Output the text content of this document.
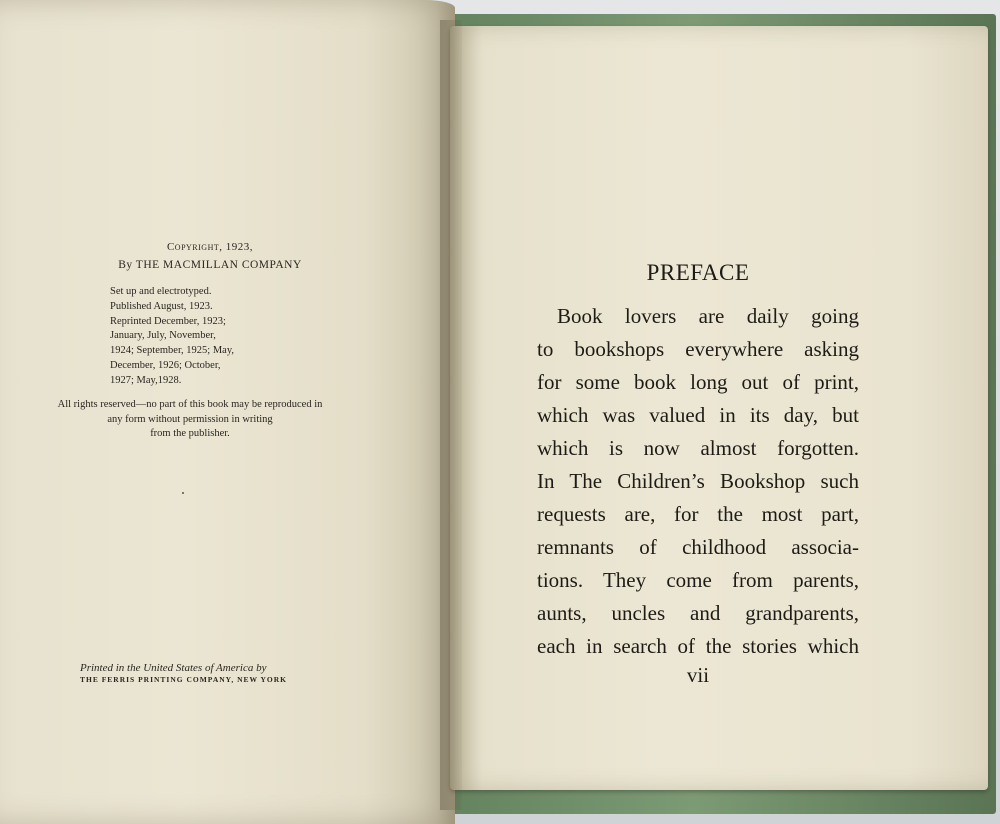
Copyright, 1923,
By THE MACMILLAN COMPANY
Set up and electrotyped.
Published August, 1923.
Reprinted December, 1923;
January, July, November,
1924; September, 1925; May,
December, 1926; October,
1927; May,1928.
All rights reserved—no part of this book may be reproduced in
any form without permission in writing
from the publisher.
Printed in the United States of America by
THE FERRIS PRINTING COMPANY, NEW YORK
PREFACE
Book lovers are daily going
to bookshops everywhere asking
for some book long out of print,
which was valued in its day, but
which is now almost forgotten.
In The Children’s Bookshop such
requests are, for the most part,
remnants of childhood associa-
tions. They come from parents,
aunts, uncles and grandparents,
each in search of the stories which
vii
